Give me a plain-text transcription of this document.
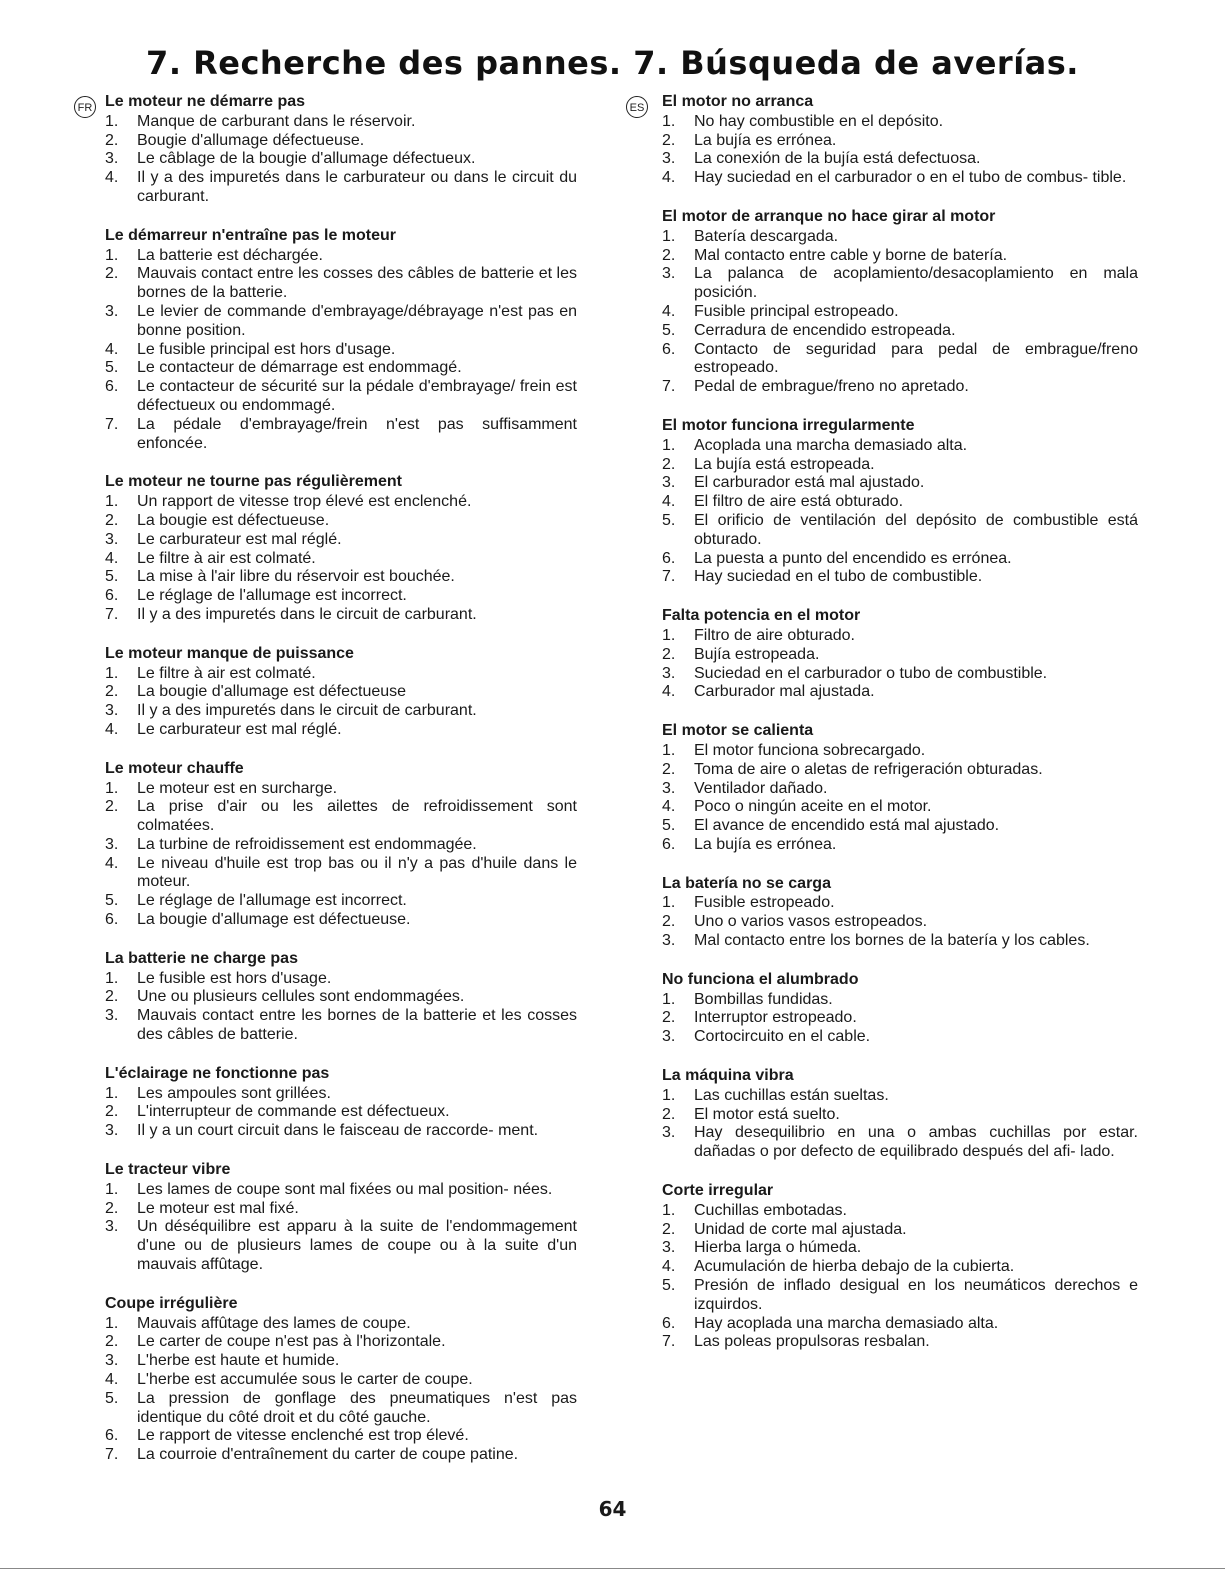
7. Recherche des pannes. 7. Búsqueda de averías.
FR	ES
Le moteur ne démarre pas
1. Manque de carburant dans le réservoir.
2. Bougie d'allumage défectueuse.
3. Le câblage de la bougie d'allumage défectueux.
4. Il y a des impuretés dans le carburateur ou dans le circuit du carburant.
Le démarreur n'entraîne pas le moteur
1. La batterie est déchargée.
2. Mauvais contact entre les cosses des câbles de batterie et les bornes de la batterie.
3. Le levier de commande d'embrayage/débrayage n'est pas en bonne position.
4. Le fusible principal est hors d'usage.
5. Le contacteur de démarrage est endommagé.
6. Le contacteur de sécurité sur la pédale d'embrayage/ frein est défectueux ou endommagé.
7. La pédale d'embrayage/frein n'est pas suffisamment enfoncée.
Le moteur ne tourne pas régulièrement
1. Un rapport de vitesse trop élevé est enclenché.
2. La bougie est défectueuse.
3. Le carburateur est mal réglé.
4. Le filtre à air est colmaté.
5. La mise à l'air libre du réservoir est bouchée.
6. Le réglage de l'allumage est incorrect.
7. Il y a des impuretés dans le circuit de carburant.
Le moteur manque de puissance
1. Le filtre à air est colmaté.
2. La bougie d'allumage est défectueuse
3. Il y a des impuretés dans le circuit de carburant.
4. Le carburateur est mal réglé.
Le moteur chauffe
1. Le moteur est en surcharge.
2. La prise d'air ou les ailettes de refroidissement sont colmatées.
3. La turbine de refroidissement est endommagée.
4. Le niveau d'huile est trop bas ou il n'y a pas d'huile dans le moteur.
5. Le réglage de l'allumage est incorrect.
6. La bougie d'allumage est défectueuse.
La batterie ne charge pas
1. Le fusible est hors d'usage.
2. Une ou plusieurs cellules sont endommagées.
3. Mauvais contact entre les bornes de la batterie et les cosses des câbles de batterie.
L'éclairage ne fonctionne pas
1. Les ampoules sont grillées.
2. L'interrupteur de commande est défectueux.
3. Il y a un court circuit dans le faisceau de raccorde- ment.
Le tracteur vibre
1. Les lames de coupe sont mal fixées ou mal position- nées.
2. Le moteur est mal fixé.
3. Un déséquilibre est apparu à la suite de l'endommagement d'une ou de plusieurs lames de coupe ou à la suite d'un mauvais affûtage.
Coupe irrégulière
1. Mauvais affûtage des lames de coupe.
2. Le carter de coupe n'est pas à l'horizontale.
3. L'herbe est haute et humide.
4. L'herbe est accumulée sous le carter de coupe.
5. La pression de gonflage des pneumatiques n'est pas identique du côté droit et du côté gauche.
6. Le rapport de vitesse enclenché est trop élevé.
7. La courroie d'entraînement du carter de coupe patine.
El motor no arranca
1. No hay combustible en el depósito.
2. La bujía es errónea.
3. La conexión de la bujía está defectuosa.
4. Hay suciedad en el carburador o en el tubo de combus- tible.
El motor de arranque no hace girar al motor
1. Batería descargada.
2. Mal contacto entre cable y borne de batería.
3. La palanca de acoplamiento/desacoplamiento en mala posición.
4. Fusible principal estropeado.
5. Cerradura de encendido estropeada.
6. Contacto de seguridad para pedal de embrague/freno estropeado.
7. Pedal de embrague/freno no apretado.
El motor funciona irregularmente
1. Acoplada una marcha demasiado alta.
2. La bujía está estropeada.
3. El carburador está mal ajustado.
4. El filtro de aire está obturado.
5. El orificio de ventilación del depósito de combustible está obturado.
6. La puesta a punto del encendido es errónea.
7. Hay suciedad en el tubo de combustible.
Falta potencia en el motor
1. Filtro de aire obturado.
2. Bujía estropeada.
3. Suciedad en el carburador o tubo de combustible.
4. Carburador mal ajustada.
El motor se calienta
1. El motor funciona sobrecargado.
2. Toma de aire o aletas de refrigeración obturadas.
3. Ventilador dañado.
4. Poco o ningún aceite en el motor.
5. El avance de encendido está mal ajustado.
6. La bujía es errónea.
La batería no se carga
1. Fusible estropeado.
2. Uno o varios vasos estropeados.
3. Mal contacto entre los bornes de la batería y los cables.
No funciona el alumbrado
1. Bombillas fundidas.
2. Interruptor estropeado.
3. Cortocircuito en el cable.
La máquina vibra
1. Las cuchillas están sueltas.
2. El motor está suelto.
3. Hay desequilibrio en una o ambas cuchillas por estar. dañadas o por defecto de equilibrado después del afi- lado.
Corte irregular
1. Cuchillas embotadas.
2. Unidad de corte mal ajustada.
3. Hierba larga o húmeda.
4. Acumulación de hierba debajo de la cubierta.
5. Presión de inflado desigual en los neumáticos derechos e izquirdos.
6. Hay acoplada una marcha demasiado alta.
7. Las poleas propulsoras resbalan.
64
